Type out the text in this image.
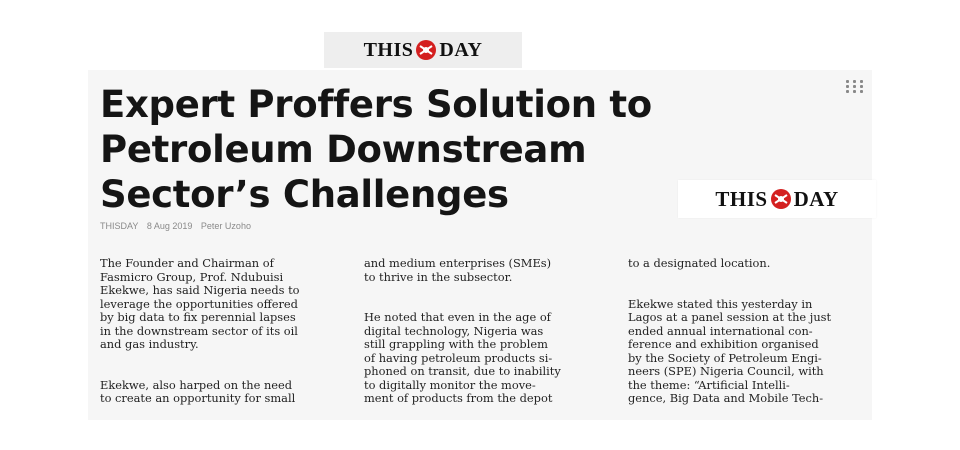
THIS DAY
THIS DAY
Expert Proffers Solution to
Petroleum Downstream
Sector’s Challenges
THISDAY 8 Aug 2019 Peter Uzoho

The Founder and Chairman of
Fasmicro Group, Prof. Ndubuisi
Ekekwe, has said Nigeria needs to
leverage the opportunities offered
by big data to fix perennial lapses
in the downstream sector of its oil
and gas industry.

Ekekwe, also harped on the need
to create an opportunity for small

and medium enterprises (SMEs)
to thrive in the subsector.

He noted that even in the age of
digital technology, Nigeria was
still grappling with the problem
of having petroleum products si-
phoned on transit, due to inability
to digitally monitor the move-
ment of products from the depot

to a designated location.

Ekekwe stated this yesterday in
Lagos at a panel session at the just
ended annual international con-
ference and exhibition organised
by the Society of Petroleum Engi-
neers (SPE) Nigeria Council, with
the theme: “Artificial Intelli-
gence, Big Data and Mobile Tech-
